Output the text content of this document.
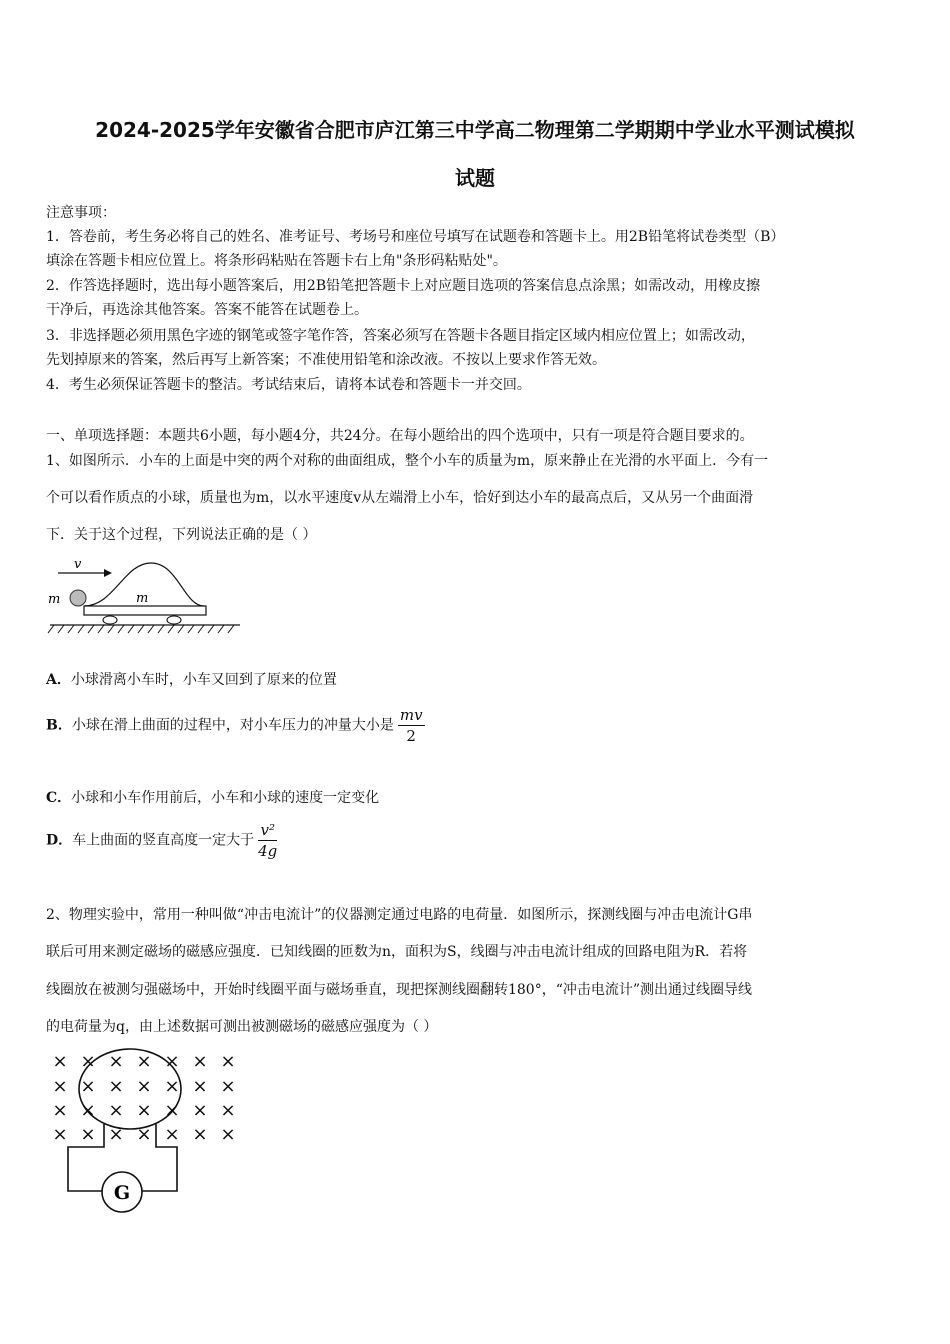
2024-2025学年安徽省合肥市庐江第三中学高二物理第二学期期中学业水平测试模拟
试题
注意事项：
1．答卷前，考生务必将自己的姓名、准考证号、考场号和座位号填写在试题卷和答题卡上。用2B铅笔将试卷类型（B）
填涂在答题卡相应位置上。将条形码粘贴在答题卡右上角"条形码粘贴处"。
2．作答选择题时，选出每小题答案后，用2B铅笔把答题卡上对应题目选项的答案信息点涂黑；如需改动，用橡皮擦
干净后，再选涂其他答案。答案不能答在试题卷上。
3．非选择题必须用黑色字迹的钢笔或签字笔作答，答案必须写在答题卡各题目指定区域内相应位置上；如需改动，
先划掉原来的答案，然后再写上新答案；不准使用铅笔和涂改液。不按以上要求作答无效。
4．考生必须保证答题卡的整洁。考试结束后，请将本试卷和答题卡一并交回。
一、单项选择题：本题共6小题，每小题4分，共24分。在每小题给出的四个选项中，只有一项是符合题目要求的。
1、如图所示．小车的上面是中突的两个对称的曲面组成，整个小车的质量为m，原来静止在光滑的水平面上．今有一
个可以看作质点的小球，质量也为m，以水平速度v从左端滑上小车，恰好到达小车的最高点后，又从另一个曲面滑
下．关于这个过程，下列说法正确的是（ ）
v
m	m
A．小球滑离小车时，小车又回到了原来的位置
B．小球在滑上曲面的过程中，对小车压力的冲量大小是 $\frac{mv}{2}$
C．小球和小车作用前后，小车和小球的速度一定变化
D．车上曲面的竖直高度一定大于 $\frac{\text{v²}}{4g}$
2、物理实验中，常用一种叫做“冲击电流计”的仪器测定通过电路的电荷量．如图所示，探测线圈与冲击电流计G串
联后可用来测定磁场的磁感应强度．已知线圈的匝数为n，面积为S，线圈与冲击电流计组成的回路电阻为R．若将
线圈放在被测匀强磁场中，开始时线圈平面与磁场垂直，现把探测线圈翻转180°，“冲击电流计”测出通过线圈导线
的电荷量为q，由上述数据可测出被测磁场的磁感应强度为（ ）
× × × × × × ×
× × × × × × ×
× × × × × × ×
× × × × × × ×
G
